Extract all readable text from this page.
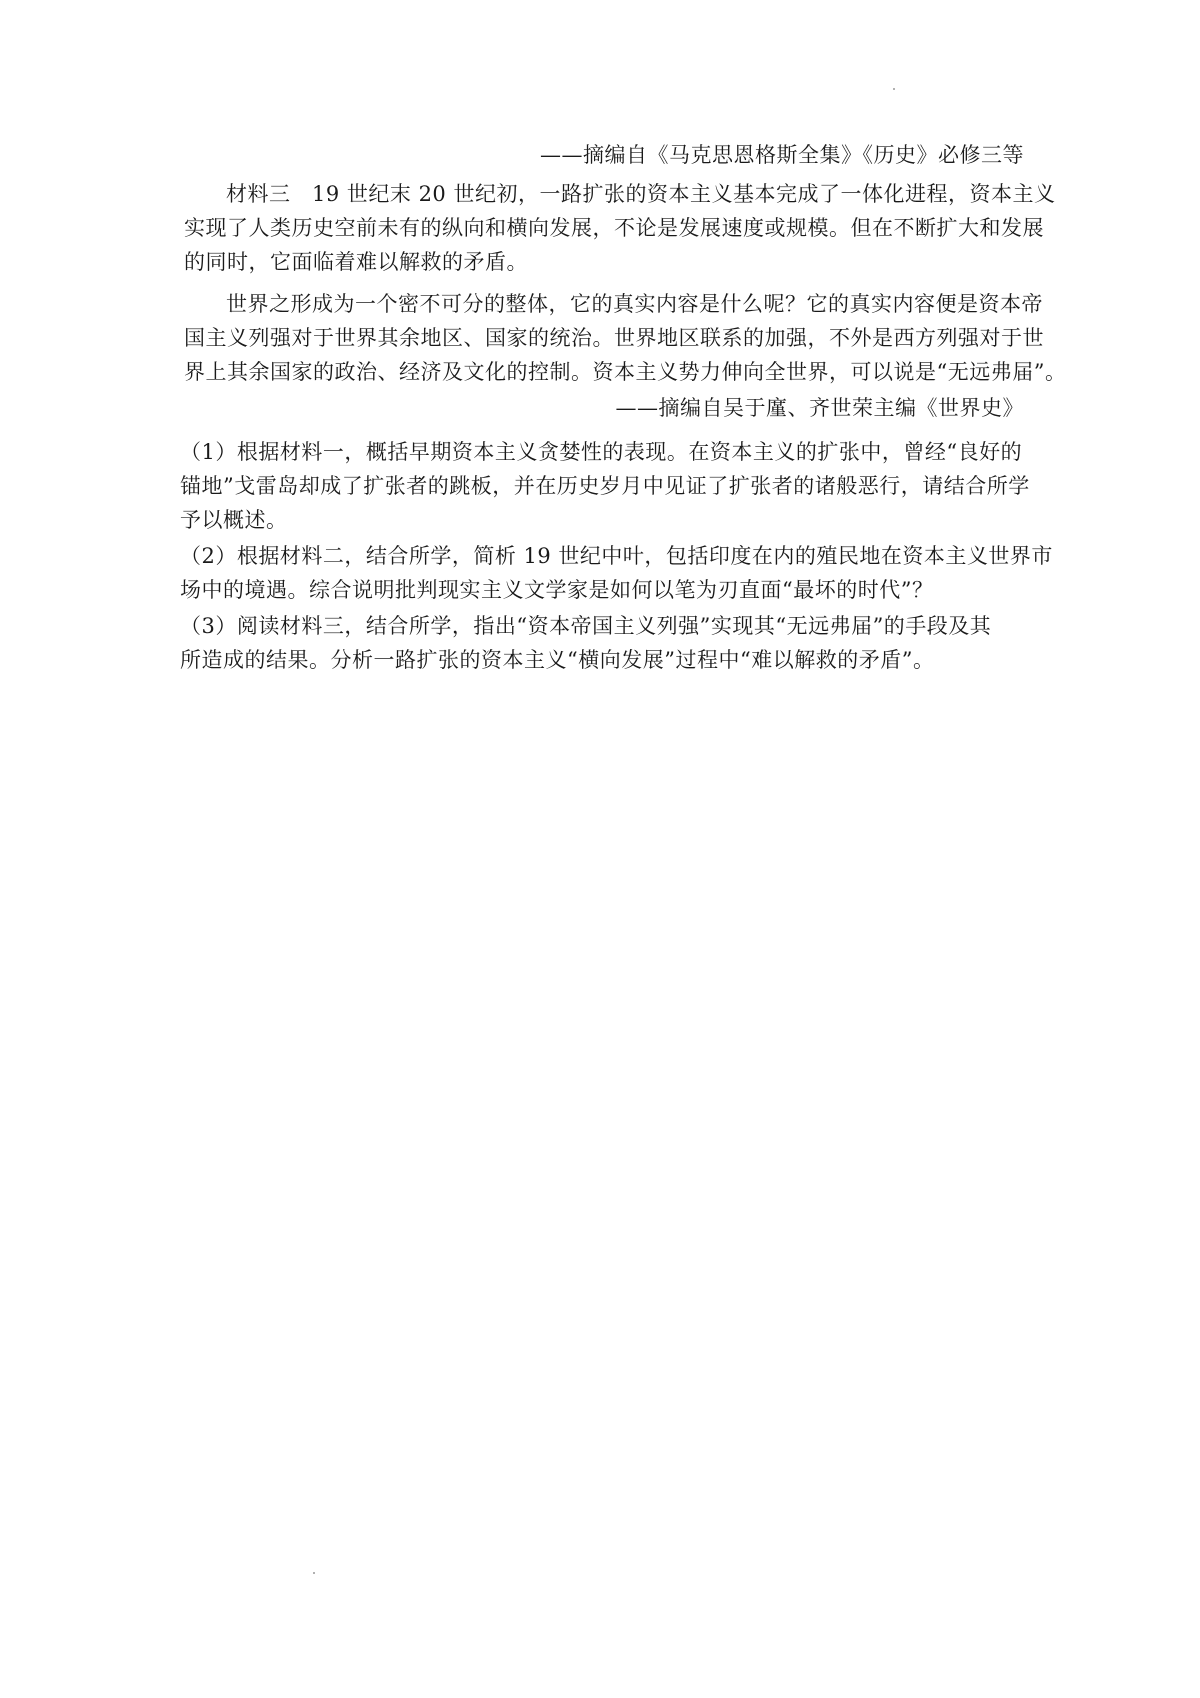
——摘编自《马克思恩格斯全集》《历史》必修三等
材料三　19 世纪末 20 世纪初，一路扩张的资本主义基本完成了一体化进程，资本主义
实现了人类历史空前未有的纵向和横向发展，不论是发展速度或规模。但在不断扩大和发展
的同时，它面临着难以解救的矛盾。
世界之形成为一个密不可分的整体，它的真实内容是什么呢？它的真实内容便是资本帝
国主义列强对于世界其余地区、国家的统治。世界地区联系的加强，不外是西方列强对于世
界上其余国家的政治、经济及文化的控制。资本主义势力伸向全世界，可以说是“无远弗届”。
——摘编自吴于廑、齐世荣主编《世界史》
（1）根据材料一，概括早期资本主义贪婪性的表现。在资本主义的扩张中，曾经“良好的
锚地”戈雷岛却成了扩张者的跳板，并在历史岁月中见证了扩张者的诸般恶行，请结合所学
予以概述。
（2）根据材料二，结合所学，简析 19 世纪中叶，包括印度在内的殖民地在资本主义世界市
场中的境遇。综合说明批判现实主义文学家是如何以笔为刃直面“最坏的时代”？
（3）阅读材料三，结合所学，指出“资本帝国主义列强”实现其“无远弗届”的手段及其
所造成的结果。分析一路扩张的资本主义“横向发展”过程中“难以解救的矛盾”。
